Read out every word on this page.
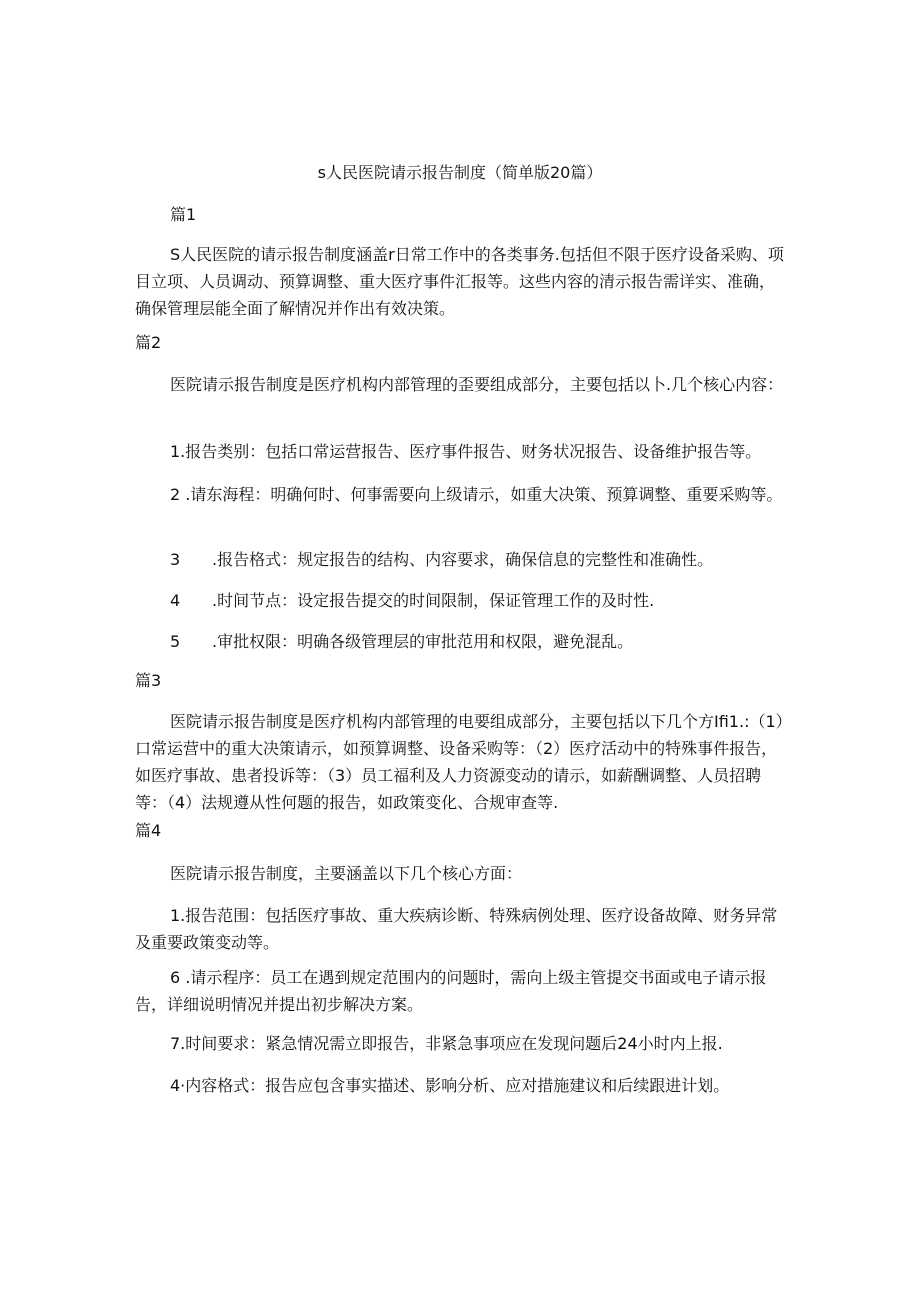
s人民医院请示报告制度（简单版20篇）
篇1
S人民医院的请示报告制度涵盖r日常工作中的各类事务.包括但不限于医疗设备采购、项目立项、人员调动、预算调整、重大医疗事件汇报等。这些内容的清示报告需详实、准确，确保管理层能全面了解情况并作出有效决策。
篇2
医院请示报告制度是医疗机构内部管理的歪要组成部分，主要包括以卜.几个核心内容：
1.报告类别：包括口常运营报告、医疗事件报告、财务状况报告、设备维护报告等。
2 .请东海程：明确何时、何事需要向上级请示，如重大决策、预算调整、重要采购等。
3 .报告格式：规定报告的结构、内容要求，确保信息的完整性和准确性。
4 .时间节点：设定报告提交的时间限制，保证管理工作的及时性.
5 .审批权限：明确各级管理层的审批范用和权限，避免混乱。
篇3
医院请示报告制度是医疗机构内部管理的电要组成部分，主要包括以下几个方Ifi1.:（1）口常运营中的重大决策请示，如预算调整、设备采购等：（2）医疗活动中的特殊事件报告，如医疗事故、患者投诉等：（3）员工福利及人力资源变动的请示，如薪酬调整、人员招聘等：（4）法规遵从性何题的报告，如政策变化、合规审查等.
篇4
医院请示报告制度，主要涵盖以下几个核心方面：
1.报告范围：包括医疗事故、重大疾病诊断、特殊病例处理、医疗设备故障、财务异常及重要政策变动等。
6 .请示程序：员工在遇到规定范围内的问题时，需向上级主管提交书面或电子请示报告，详细说明情况并提出初步解决方案。
7.时间要求：紧急情况需立即报告，非紧急事项应在发现问题后24小时内上报.
4·内容格式：报告应包含事实描述、影响分析、应对措施建议和后续跟进计划。
